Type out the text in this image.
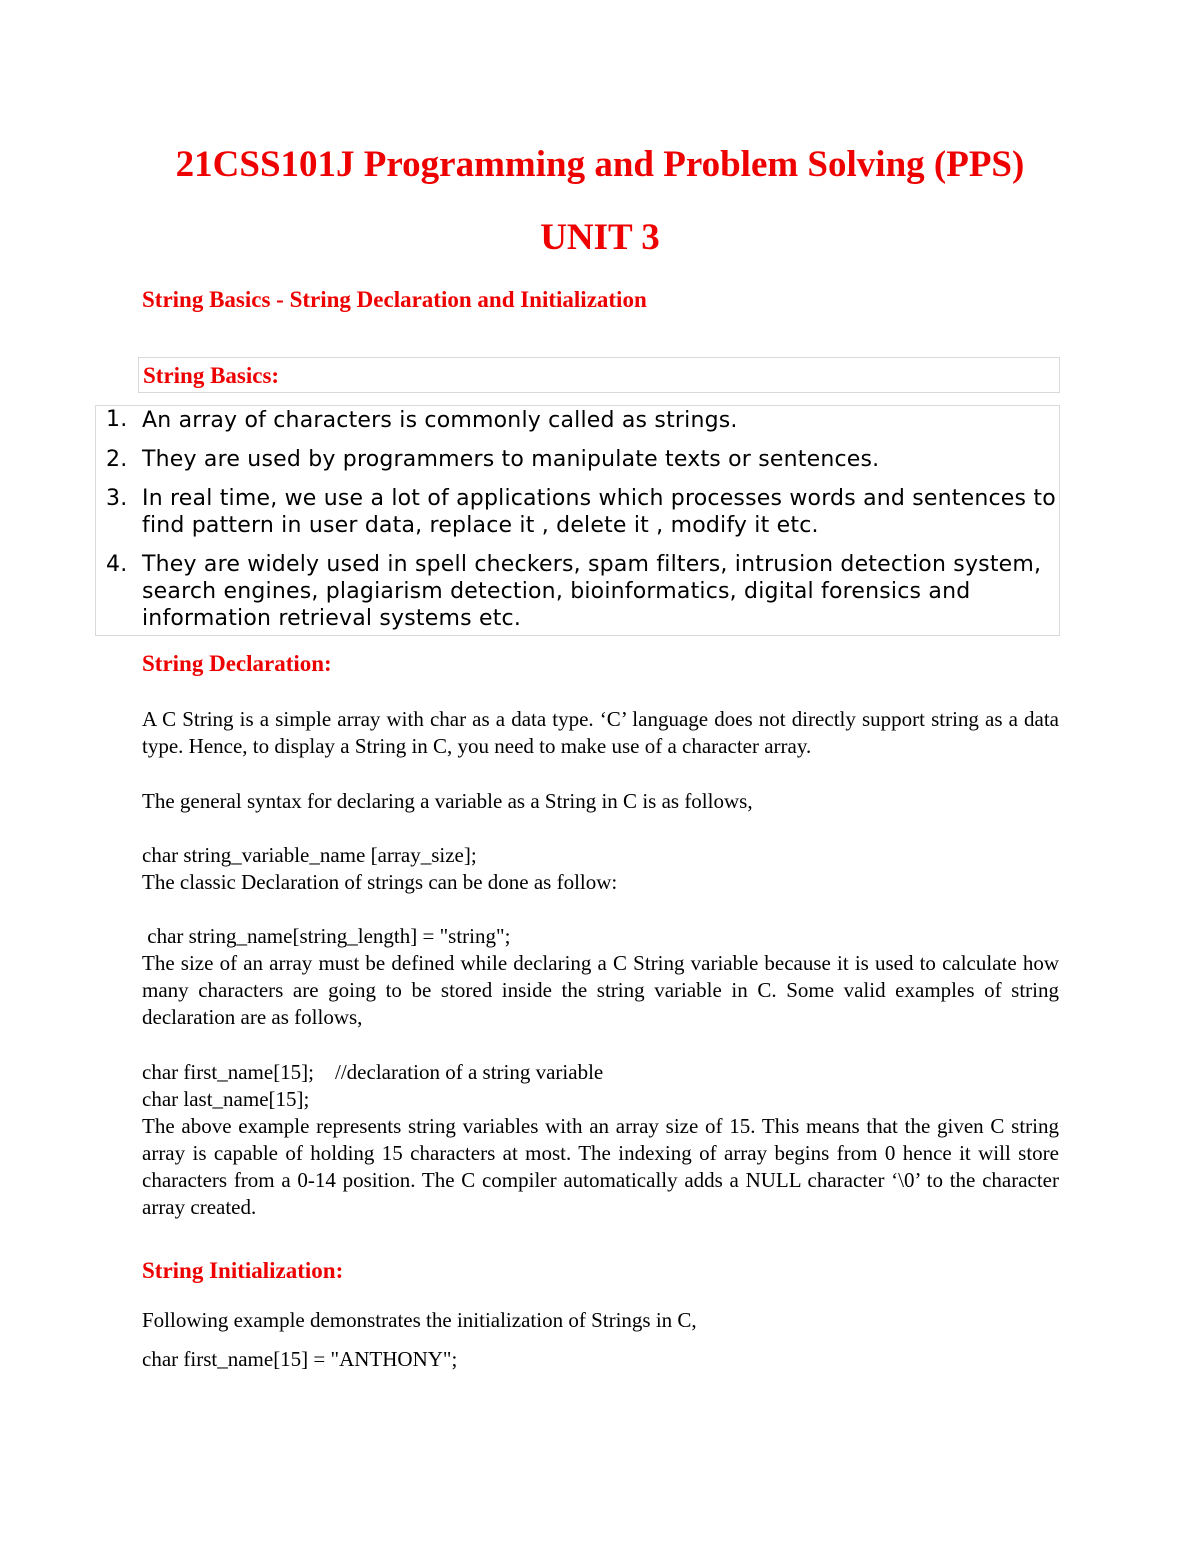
21CSS101J Programming and Problem Solving (PPS)
UNIT 3
String Basics - String Declaration and Initialization
String Basics:
1. An array of characters is commonly called as strings.
2. They are used by programmers to manipulate texts or sentences.
3. In real time, we use a lot of applications which processes words and sentences to find pattern in user data, replace it , delete it , modify it etc.
4. They are widely used in spell checkers, spam filters, intrusion detection system, search engines, plagiarism detection, bioinformatics, digital forensics and information retrieval systems etc.
String Declaration:
A C String is a simple array with char as a data type. ‘C’ language does not directly support string as a data type. Hence, to display a String in C, you need to make use of a character array.
The general syntax for declaring a variable as a String in C is as follows,
char string_variable_name [array_size];
The classic Declaration of strings can be done as follow:
char string_name[string_length] = "string";
The size of an array must be defined while declaring a C String variable because it is used to calculate how many characters are going to be stored inside the string variable in C. Some valid examples of string declaration are as follows,
char first_name[15];    //declaration of a string variable
char last_name[15];
The above example represents string variables with an array size of 15. This means that the given C string array is capable of holding 15 characters at most. The indexing of array begins from 0 hence it will store characters from a 0-14 position. The C compiler automatically adds a NULL character ‘\0’ to the character array created.
String Initialization:
Following example demonstrates the initialization of Strings in C,
char first_name[15] = "ANTHONY";
